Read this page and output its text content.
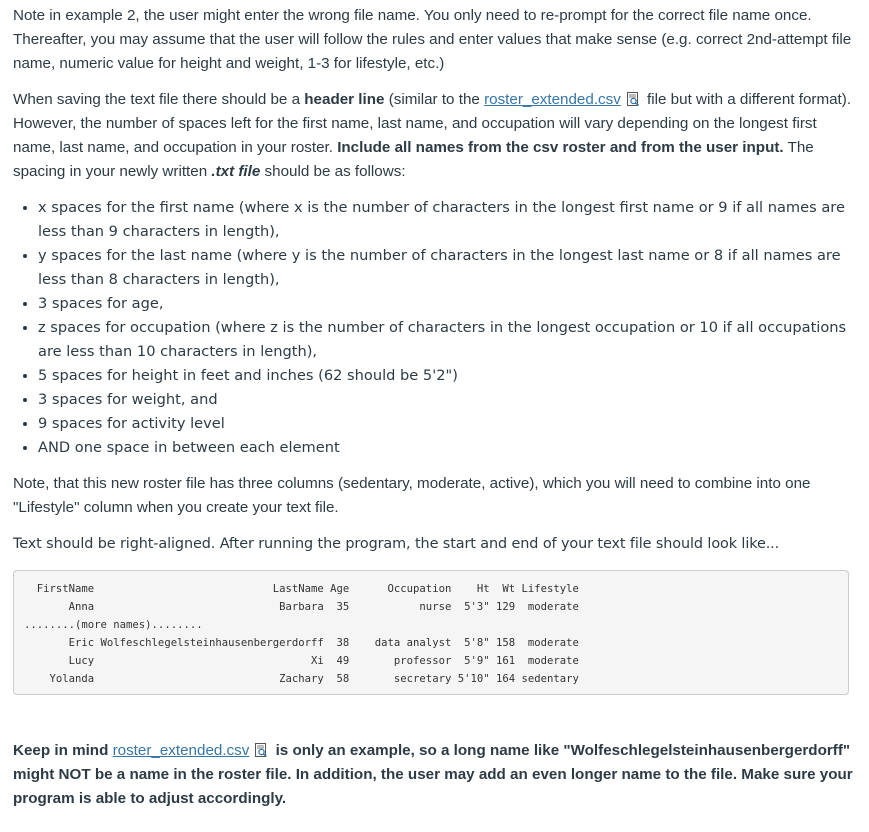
Note in example 2, the user might enter the wrong file name. You only need to re-prompt for the correct file name once. Thereafter, you may assume that the user will follow the rules and enter values that make sense (e.g. correct 2nd-attempt file name, numeric value for height and weight, 1-3 for lifestyle, etc.)

When saving the text file there should be a header line (similar to the roster_extended.csv file but with a different format). However, the number of spaces left for the first name, last name, and occupation will vary depending on the longest first name, last name, and occupation in your roster. Include all names from the csv roster and from the user input. The spacing in your newly written .txt file should be as follows:

• x spaces for the first name (where x is the number of characters in the longest first name or 9 if all names are less than 9 characters in length),
• y spaces for the last name (where y is the number of characters in the longest last name or 8 if all names are less than 8 characters in length),
• 3 spaces for age,
• z spaces for occupation (where z is the number of characters in the longest occupation or 10 if all occupations are less than 10 characters in length),
• 5 spaces for height in feet and inches (62 should be 5'2")
• 3 spaces for weight, and
• 9 spaces for activity level
• AND one space in between each element

Note, that this new roster file has three columns (sedentary, moderate, active), which you will need to combine into one "Lifestyle" column when you create your text file.

Text should be right-aligned. After running the program, the start and end of your text file should look like...

FirstName                            LastName Age      Occupation    Ht  Wt Lifestyle
Anna                             Barbara  35           nurse  5'3" 129  moderate
........(more names)........
Eric Wolfeschlegelsteinhausenbergerdorff  38    data analyst  5'8" 158  moderate
Lucy                                  Xi  49       professor  5'9" 161  moderate
Yolanda                             Zachary  58       secretary 5'10" 164 sedentary

Keep in mind roster_extended.csv is only an example, so a long name like "Wolfeschlegelsteinhausenbergerdorff" might NOT be a name in the roster file. In addition, the user may add an even longer name to the file. Make sure your program is able to adjust accordingly.
